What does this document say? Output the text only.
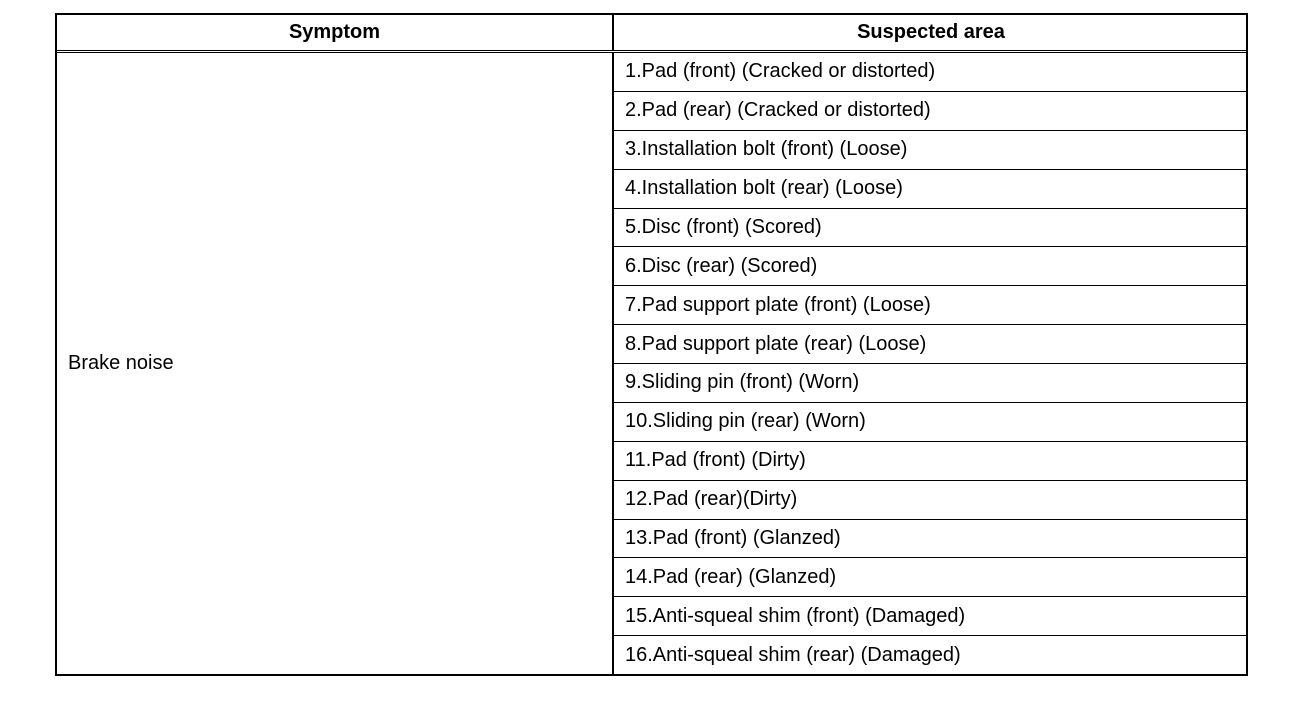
Symptom	Suspected area
Brake noise
1.Pad (front) (Cracked or distorted)
2.Pad (rear) (Cracked or distorted)
3.Installation bolt (front) (Loose)
4.Installation bolt (rear) (Loose)
5.Disc (front) (Scored)
6.Disc (rear) (Scored)
7.Pad support plate (front) (Loose)
8.Pad support plate (rear) (Loose)
9.Sliding pin (front) (Worn)
10.Sliding pin (rear) (Worn)
11.Pad (front) (Dirty)
12.Pad (rear)(Dirty)
13.Pad (front) (Glanzed)
14.Pad (rear) (Glanzed)
15.Anti-squeal shim (front) (Damaged)
16.Anti-squeal shim (rear) (Damaged)
